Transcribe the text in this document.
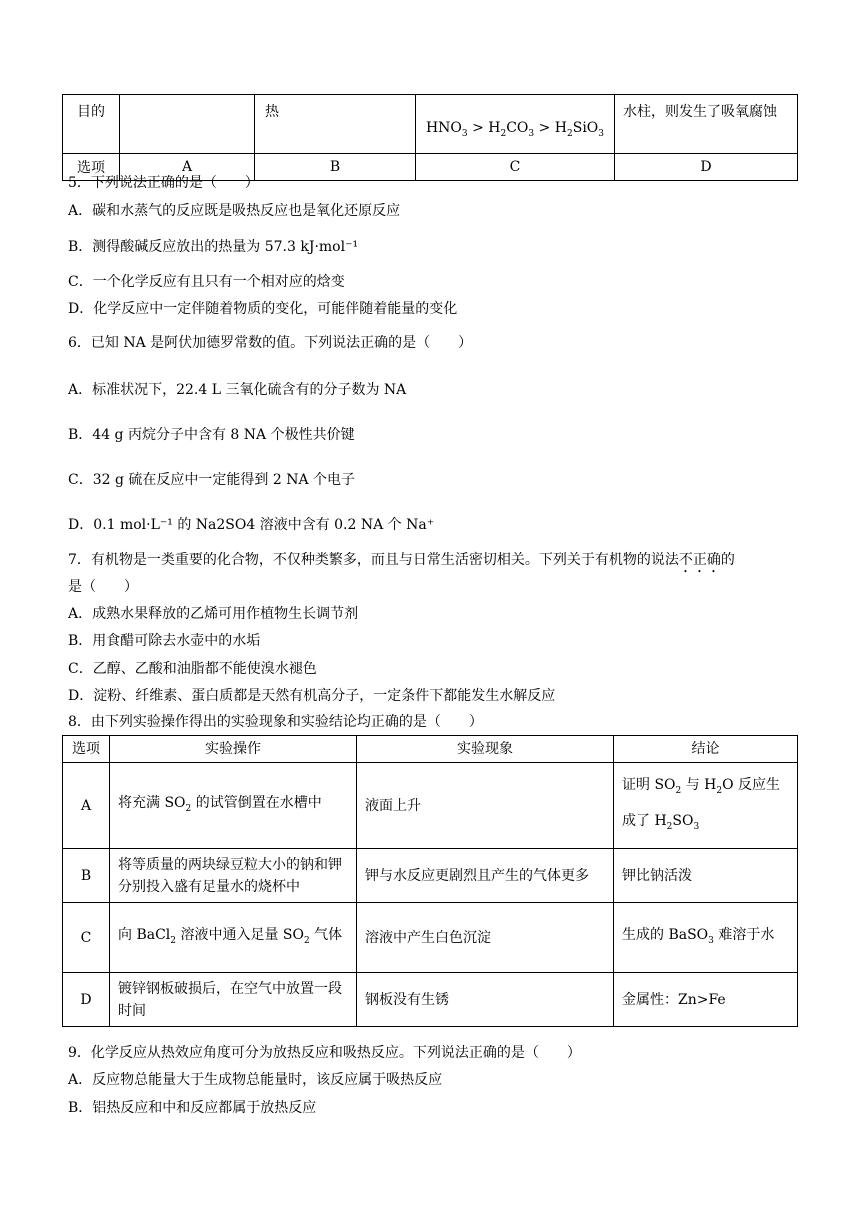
目的		热	$HNO_3 > H_2CO_3 > H_2SiO_3$	水柱，则发生了吸氧腐蚀
选项	A	B	C	D
5．下列说法正确的是（　　）
A．碳和水蒸气的反应既是吸热反应也是氧化还原反应
B．测得酸碱反应放出的热量为 57.3 kJ·mol⁻¹
C．一个化学反应有且只有一个相对应的焓变
D．化学反应中一定伴随着物质的变化，可能伴随着能量的变化
6．已知 NA 是阿伏加德罗常数的值。下列说法正确的是（　　）
A．标准状况下，22.4 L 三氧化硫含有的分子数为 NA
B．44 g 丙烷分子中含有 8 NA 个极性共价键
C．32 g 硫在反应中一定能得到 2 NA 个电子
D．0.1 mol·L⁻¹ 的 Na2SO4 溶液中含有 0.2 NA 个 Na⁺
7．有机物是一类重要的化合物，不仅种类繁多，而且与日常生活密切相关。下列关于有机物的说法不正确的
是（　　）
A．成熟水果释放的乙烯可用作植物生长调节剂
B．用食醋可除去水壶中的水垢
C．乙醇、乙酸和油脂都不能使溴水褪色
D．淀粉、纤维素、蛋白质都是天然有机高分子，一定条件下都能发生水解反应
8．由下列实验操作得出的实验现象和实验结论均正确的是（　　）
选项	实验操作	实验现象	结论
A	将充满 $SO_2$ 的试管倒置在水槽中	液面上升	证明 $SO_2$ 与 $H_2O$ 反应生成了 $H_2SO_3$
B	将等质量的两块绿豆粒大小的钠和钾分别投入盛有足量水的烧杯中	钾与水反应更剧烈且产生的气体更多	钾比钠活泼
C	向 BaCl$_2$ 溶液中通入足量 $SO_2$ 气体	溶液中产生白色沉淀	生成的 BaSO$_3$ 难溶于水
D	镀锌钢板破损后，在空气中放置一段时间	钢板没有生锈	金属性：Zn>Fe
9．化学反应从热效应角度可分为放热反应和吸热反应。下列说法正确的是（　　）
A．反应物总能量大于生成物总能量时，该反应属于吸热反应
B．铝热反应和中和反应都属于放热反应
